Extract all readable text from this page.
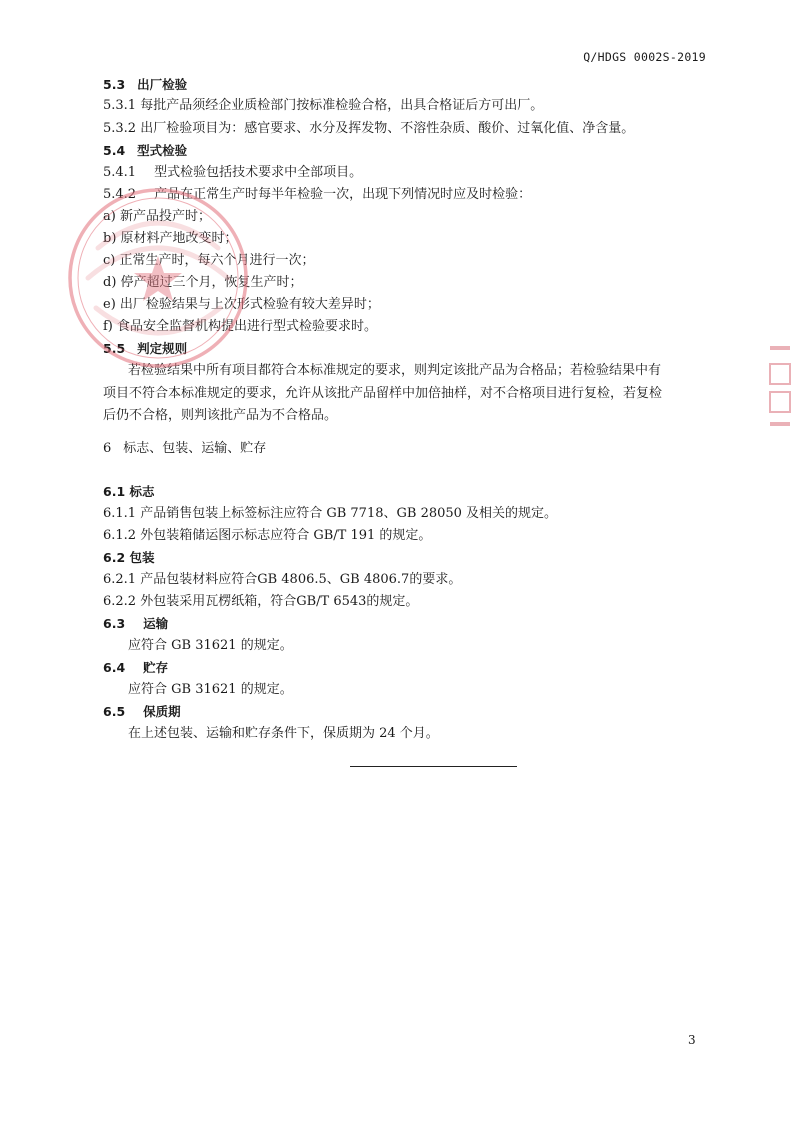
Q/HDGS 0002S-2019
5.3 出厂检验
5.3.1 每批产品须经企业质检部门按标准检验合格，出具合格证后方可出厂。
5.3.2 出厂检验项目为：感官要求、水分及挥发物、不溶性杂质、酸价、过氧化值、净含量。
5.4 型式检验
5.4.1 型式检验包括技术要求中全部项目。
5.4.2 产品在正常生产时每半年检验一次，出现下列情况时应及时检验：
a) 新产品投产时；
b) 原材料产地改变时；
c) 正常生产时，每六个月进行一次；
d) 停产超过三个月，恢复生产时；
e) 出厂检验结果与上次形式检验有较大差异时；
f) 食品安全监督机构提出进行型式检验要求时。
5.5 判定规则
若检验结果中所有项目都符合本标准规定的要求，则判定该批产品为合格品；若检验结果中有
项目不符合本标准规定的要求，允许从该批产品留样中加倍抽样，对不合格项目进行复检，若复检
后仍不合格，则判该批产品为不合格品。
6 标志、包装、运输、贮存
6.1 标志
6.1.1 产品销售包装上标签标注应符合 GB 7718、GB 28050 及相关的规定。
6.1.2 外包装箱储运图示标志应符合 GB/T 191 的规定。
6.2 包装
6.2.1 产品包装材料应符合GB 4806.5、GB 4806.7的要求。
6.2.2 外包装采用瓦楞纸箱，符合GB/T 6543的规定。
6.3 运输
应符合 GB 31621 的规定。
6.4 贮存
应符合 GB 31621 的规定。
6.5 保质期
在上述包装、运输和贮存条件下，保质期为 24 个月。
3
